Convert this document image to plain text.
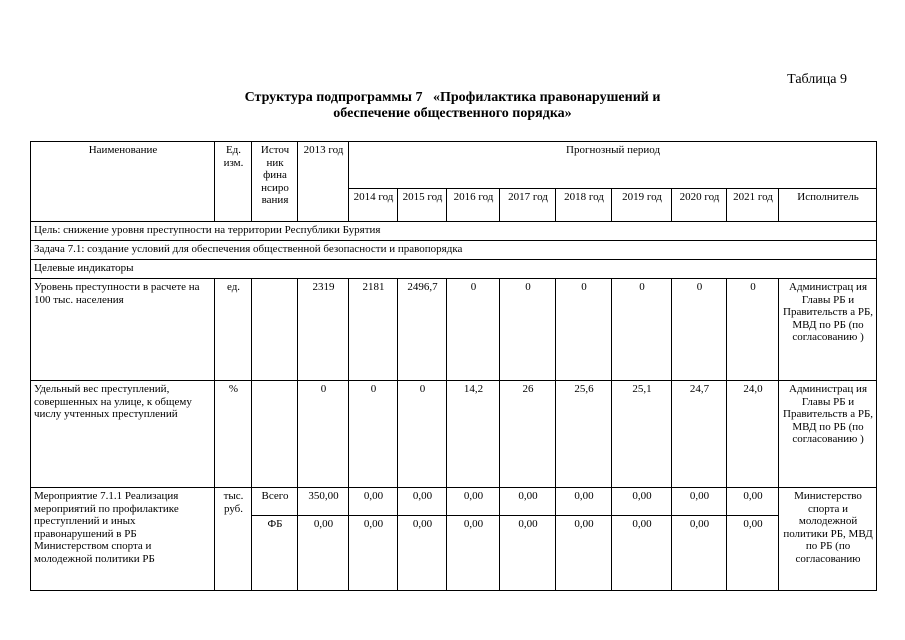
Таблица 9
Структура подпрограммы 7   «Профилактика правонарушений и
обеспечение общественного порядка»
Наименование	Ед. изм.	Источ ник фина нсиро вания	2013 год	Прогнозный период								
				2014 год	2015 год	2016 год	2017 год	2018 год	2019 год	2020 год	2021 год	Исполнитель
Цель: снижение уровня преступности на территории Республики Бурятия												
Задача 7.1: создание условий для обеспечения общественной безопасности и правопорядка												
Целевые индикаторы												
Уровень преступности в расчете на 100 тыс. населения	ед.		2319	2181	2496,7	0	0	0	0	0	0	Администрац ия Главы РБ и Правительств а РБ, МВД по РБ (по согласованию )
Удельный вес преступлений, совершенных на улице, к общему числу учтенных преступлений	%		0	0	0	14,2	26	25,6	25,1	24,7	24,0	Администрац ия Главы РБ и Правительств а РБ, МВД по РБ (по согласованию )
Мероприятие 7.1.1 Реализация мероприятий по профилактике преступлений и иных правонарушений в РБ Министерством спорта и молодежной политики РБ	тыс. руб.	Всего	350,00	0,00	0,00	0,00	0,00	0,00	0,00	0,00	0,00	Министерство спорта и молодежной политики РБ, МВД по РБ (по согласованию
		ФБ	0,00	0,00	0,00	0,00	0,00	0,00	0,00	0,00	0,00	
